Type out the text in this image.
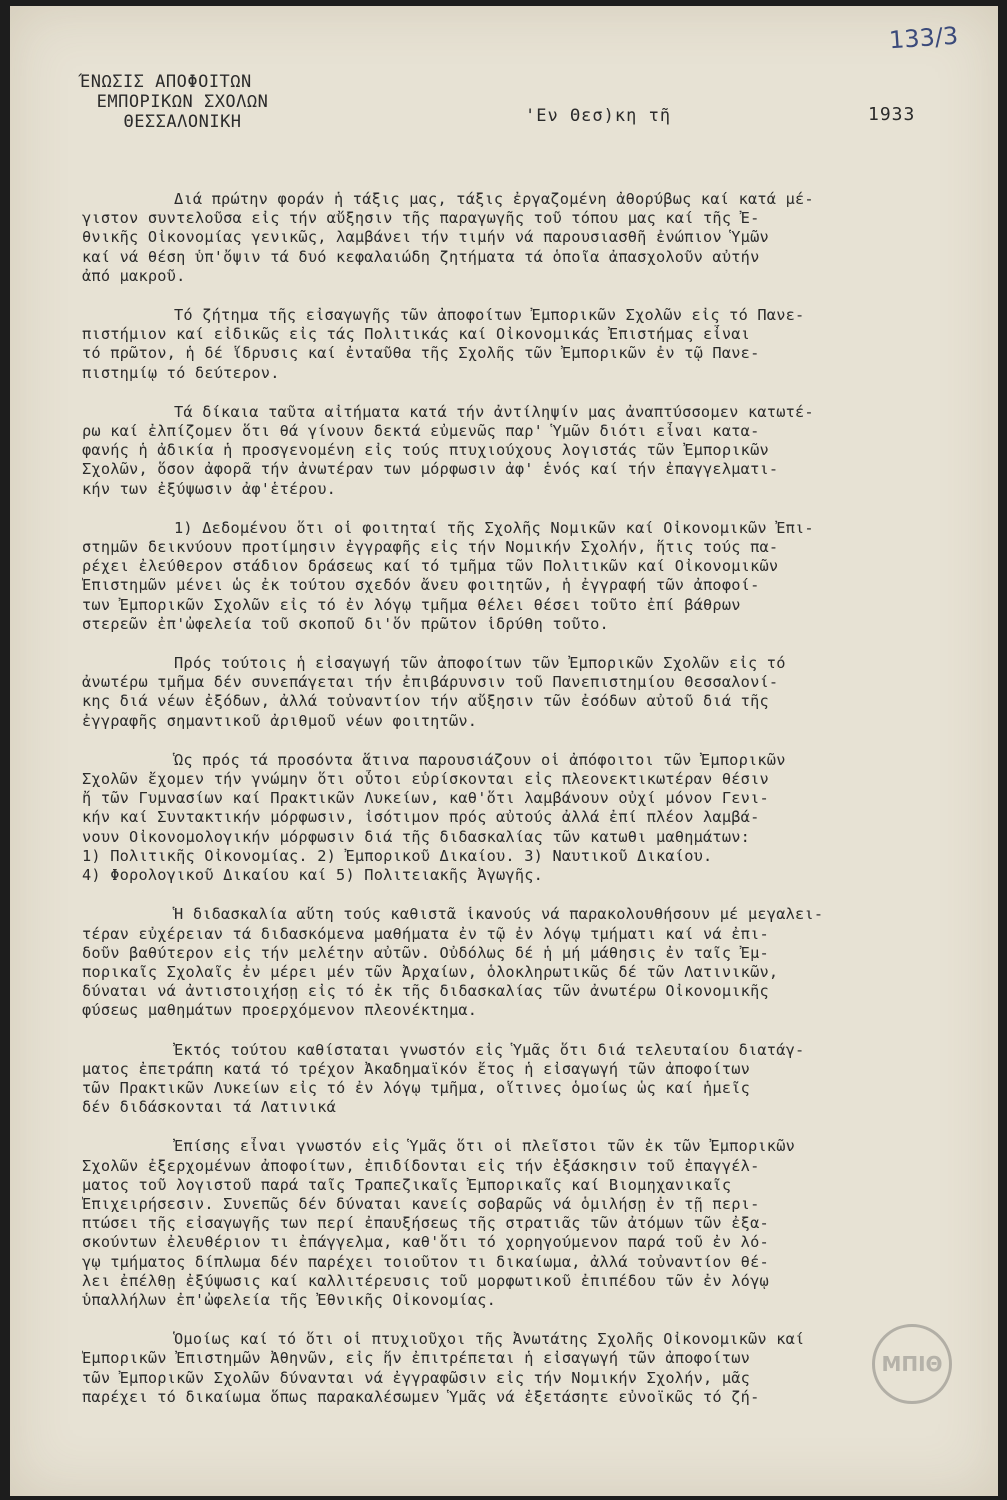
133/3
ΈΝΩΣΙΣ ΑΠΟΦΟΙΤΩΝ
ΕΜΠΟΡΙΚΩΝ ΣΧΟΛΩΝ
ΘΕΣΣΑΛΟΝΙΚΗ	'Εν Θεσ)κη τῆ	1933
Διά πρώτην φοράν ἡ τάξις μας, τάξις ἐργαζομένη ἀθορύβως καί κατά μέ-
γιστον συντελοῦσα εἰς τήν αὔξησιν τῆς παραγωγῆς τοῦ τόπου μας καί τῆς Ἐ-
θνικῆς Οἰκονομίας γενικῶς, λαμβάνει τήν τιμήν νά παρουσιασθῆ ἐνώπιον Ὑμῶν
καί νά θέση ὑπ'ὄψιν τά δυό κεφαλαιώδη ζητήματα τά ὁποῖα ἀπασχολοῦν αὐτήν
ἀπό μακροῦ.
Τό ζήτημα τῆς εἰσαγωγῆς τῶν ἀποφοίτων Ἐμπορικῶν Σχολῶν εἰς τό Πανε-
πιστήμιον καί εἰδικῶς εἰς τάς Πολιτικάς καί Οἰκονομικάς Ἐπιστήμας εἶναι
τό πρῶτον, ἡ δέ ἵδρυσις καί ἐνταῦθα τῆς Σχολῆς τῶν Ἐμπορικῶν ἐν τῷ Πανε-
πιστημίῳ τό δεύτερον.
Τά δίκαια ταῦτα αἰτήματα κατά τήν ἀντίληψίν μας ἀναπτύσσομεν κατωτέ-
ρω καί ἐλπίζομεν ὅτι θά γίνουν δεκτά εὐμενῶς παρ' Ὑμῶν διότι εἶναι κατα-
φανής ἡ ἀδικία ἡ προσγενομένη εἰς τούς πτυχιούχους λογιστάς τῶν Ἐμπορικῶν
Σχολῶν, ὅσον ἀφορᾶ τήν ἀνωτέραν των μόρφωσιν ἀφ' ἑνός καί τήν ἐπαγγελματι-
κήν των ἐξύψωσιν ἀφ'ἑτέρου.
1) Δεδομένου ὅτι οἱ φοιτηταί τῆς Σχολῆς Νομικῶν καί Οἰκονομικῶν Ἐπι-
στημῶν δεικνύουν προτίμησιν ἐγγραφῆς εἰς τήν Νομικήν Σχολήν, ἥτις τούς πα-
ρέχει ἐλεύθερον στάδιον δράσεως καί τό τμῆμα τῶν Πολιτικῶν καί Οἰκονομικῶν
Ἐπιστημῶν μένει ὡς ἐκ τούτου σχεδόν ἄνευ φοιτητῶν, ἡ ἐγγραφή τῶν ἀποφοί-
των Ἐμπορικῶν Σχολῶν εἰς τό ἐν λόγῳ τμῆμα θέλει θέσει τοῦτο ἐπί βάθρων
στερεῶν ἐπ'ὠφελεία τοῦ σκοποῦ δι'ὅν πρῶτον ἱδρύθη τοῦτο.
Πρός τούτοις ἡ εἰσαγωγή τῶν ἀποφοίτων τῶν Ἐμπορικῶν Σχολῶν εἰς τό
ἀνωτέρω τμῆμα δέν συνεπάγεται τήν ἐπιβάρυνσιν τοῦ Πανεπιστημίου Θεσσαλονί-
κης διά νέων ἐξόδων, ἀλλά τοὐναντίον τήν αὔξησιν τῶν ἐσόδων αὐτοῦ διά τῆς
ἐγγραφῆς σημαντικοῦ ἀριθμοῦ νέων φοιτητῶν.
Ὡς πρός τά προσόντα ἅτινα παρουσιάζουν οἱ ἀπόφοιτοι τῶν Ἐμπορικῶν
Σχολῶν ἔχομεν τήν γνώμην ὅτι οὗτοι εὑρίσκονται εἰς πλεονεκτικωτέραν θέσιν
ἤ τῶν Γυμνασίων καί Πρακτικῶν Λυκείων, καθ'ὅτι λαμβάνουν οὐχί μόνον Γενι-
κήν καί Συντακτικήν μόρφωσιν, ἰσότιμον πρός αὐτούς ἀλλά ἐπί πλέον λαμβά-
νουν Οἰκονομολογικήν μόρφωσιν διά τῆς διδασκαλίας τῶν κατωθι μαθημάτων:
1) Πολιτικῆς Οἰκονομίας. 2) Ἐμπορικοῦ Δικαίου. 3) Ναυτικοῦ Δικαίου.
4) Φορολογικοῦ Δικαίου καί 5) Πολιτειακῆς Ἀγωγῆς.
Ἡ διδασκαλία αὕτη τούς καθιστᾶ ἱκανούς νά παρακολουθήσουν μέ μεγαλει-
τέραν εὐχέρειαν τά διδασκόμενα μαθήματα ἐν τῷ ἐν λόγῳ τμήματι καί νά ἐπι-
δοῦν βαθύτερον εἰς τήν μελέτην αὐτῶν. Οὐδόλως δέ ἡ μή μάθησις ἐν ταῖς Ἐμ-
πορικαῖς Σχολαῖς ἐν μέρει μέν τῶν Ἀρχαίων, ὁλοκληρωτικῶς δέ τῶν Λατινικῶν,
δύναται νά ἀντιστοιχήσῃ εἰς τό ἐκ τῆς διδασκαλίας τῶν ἀνωτέρω Οἰκονομικῆς
φύσεως μαθημάτων προερχόμενον πλεονέκτημα.
Ἐκτός τούτου καθίσταται γνωστόν εἰς Ὑμᾶς ὅτι διά τελευταίου διατάγ-
ματος ἐπετράπη κατά τό τρέχον Ἀκαδημαϊκόν ἔτος ἡ εἰσαγωγή τῶν ἀποφοίτων
τῶν Πρακτικῶν Λυκείων εἰς τό ἐν λόγῳ τμῆμα, οἵτινες ὁμοίως ὡς καί ἡμεῖς
δέν διδάσκονται τά Λατινικά
Ἐπίσης εἶναι γνωστόν εἰς Ὑμᾶς ὅτι οἱ πλεῖστοι τῶν ἐκ τῶν Ἐμπορικῶν
Σχολῶν ἐξερχομένων ἀποφοίτων, ἐπιδίδονται εἰς τήν ἐξάσκησιν τοῦ ἐπαγγέλ-
ματος τοῦ λογιστοῦ παρά ταῖς Τραπεζικαῖς Ἐμπορικαῖς καί Βιομηχανικαῖς
Ἐπιχειρήσεσιν. Συνεπῶς δέν δύναται κανείς σοβαρῶς νά ὁμιλήσῃ ἐν τῇ περι-
πτώσει τῆς εἰσαγωγῆς των περί ἐπαυξήσεως τῆς στρατιᾶς τῶν ἀτόμων τῶν ἐξα-
σκούντων ἐλευθέριον τι ἐπάγγελμα, καθ'ὅτι τό χορηγούμενον παρά τοῦ ἐν λό-
γῳ τμήματος δίπλωμα δέν παρέχει τοιοῦτον τι δικαίωμα, ἀλλά τοὐναντίον θέ-
λει ἐπέλθῃ ἐξύψωσις καί καλλιτέρευσις τοῦ μορφωτικοῦ ἐπιπέδου τῶν ἐν λόγῳ
ὑπαλλήλων ἐπ'ὠφελεία τῆς Ἐθνικῆς Οἰκονομίας.
Ὁμοίως καί τό ὅτι οἱ πτυχιοῦχοι τῆς Ἀνωτάτης Σχολῆς Οἰκονομικῶν καί
Ἐμπορικῶν Ἐπιστημῶν Ἀθηνῶν, εἰς ἥν ἐπιτρέπεται ἡ εἰσαγωγή τῶν ἀποφοίτων
τῶν Ἐμπορικῶν Σχολῶν δύνανται νά ἐγγραφῶσιν εἰς τήν Νομικήν Σχολήν, μᾶς
παρέχει τό δικαίωμα ὅπως παρακαλέσωμεν Ὑμᾶς νά ἐξετάσητε εὐνοϊκῶς τό ζή-
ΜΠΙΘ
